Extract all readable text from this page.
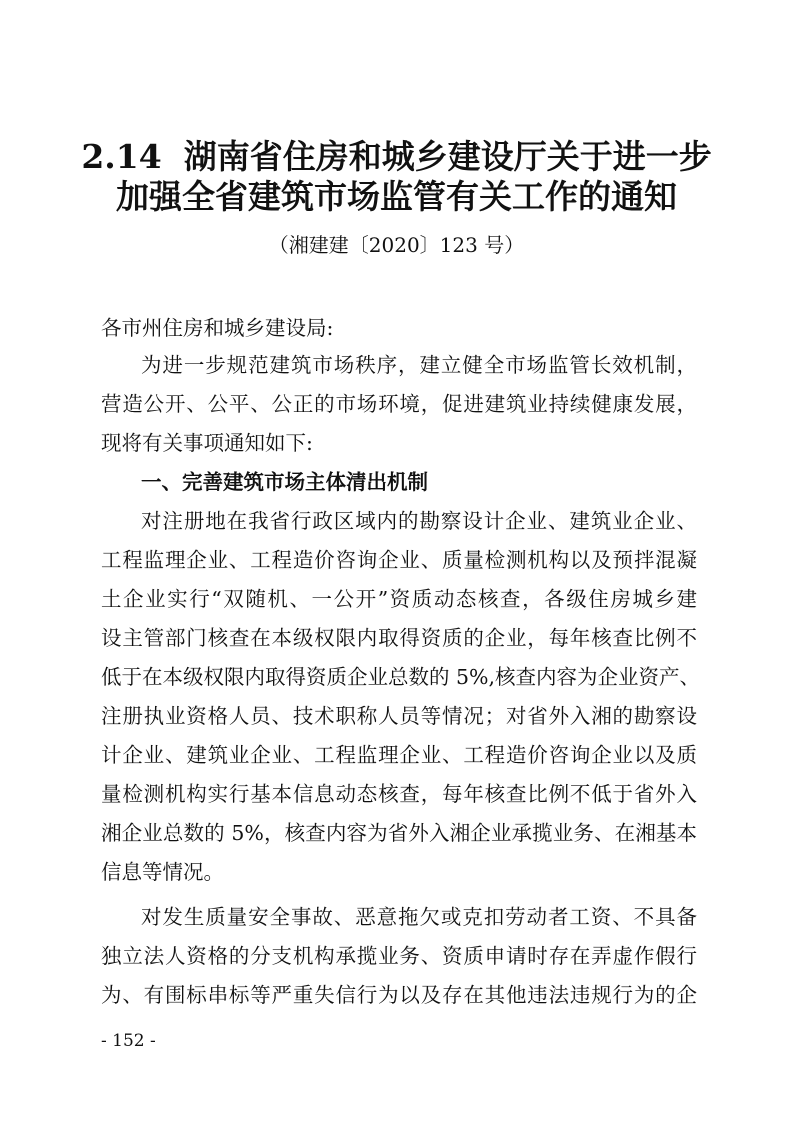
2.14 湖南省住房和城乡建设厅关于进一步
加强全省建筑市场监管有关工作的通知

（湘建建〔2020〕123 号）

各市州住房和城乡建设局:

为进一步规范建筑市场秩序，建立健全市场监管长效机制，

营造公开、公平、公正的市场环境，促进建筑业持续健康发展，

现将有关事项通知如下:

一、完善建筑市场主体清出机制

对注册地在我省行政区域内的勘察设计企业、建筑业企业、

工程监理企业、工程造价咨询企业、质量检测机构以及预拌混凝

土企业实行“双随机、一公开”资质动态核查，各级住房城乡建

设主管部门核查在本级权限内取得资质的企业，每年核查比例不

低于在本级权限内取得资质企业总数的 5%,核查内容为企业资产、

注册执业资格人员、技术职称人员等情况；对省外入湘的勘察设

计企业、建筑业企业、工程监理企业、工程造价咨询企业以及质

量检测机构实行基本信息动态核查，每年核查比例不低于省外入

湘企业总数的 5%，核查内容为省外入湘企业承揽业务、在湘基本

信息等情况。

对发生质量安全事故、恶意拖欠或克扣劳动者工资、不具备

独立法人资格的分支机构承揽业务、资质申请时存在弄虚作假行

为、有围标串标等严重失信行为以及存在其他违法违规行为的企

- 152 -
